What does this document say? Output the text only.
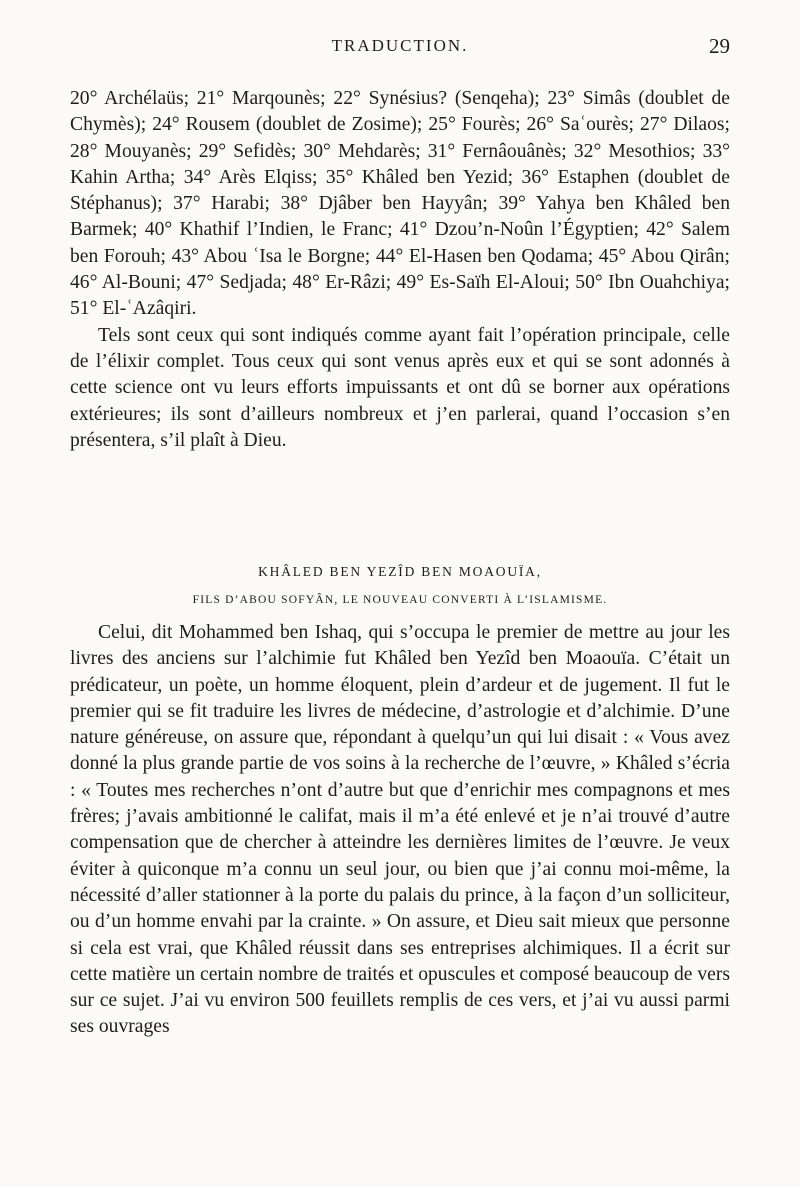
TRADUCTION.	29

20° Archélaüs; 21° Marqounès; 22° Synésius? (Senqeha); 23° Simâs (doublet de Chymès); 24° Rousem (doublet de Zosime); 25° Fourès; 26° Saʿourès; 27° Dilaos; 28° Mouyanès; 29° Sefidès; 30° Mehdarès; 31° Fernâouânès; 32° Mesothios; 33° Kahin Artha; 34° Arès Elqiss; 35° Khâled ben Yezid; 36° Estaphen (doublet de Stéphanus); 37° Harabi; 38° Djâber ben Hayyân; 39° Yahya ben Khâled ben Barmek; 40° Khathif l’Indien, le Franc; 41° Dzou’n-Noûn l’Égyptien; 42° Salem ben Forouh; 43° Abou ʿIsa le Borgne; 44° El-Hasen ben Qodama; 45° Abou Qirân; 46° Al-Bouni; 47° Sedjada; 48° Er-Râzi; 49° Es-Saïh El-Aloui; 50° Ibn Ouahchiya; 51° El-ʿAzâqiri.

Tels sont ceux qui sont indiqués comme ayant fait l’opération principale, celle de l’élixir complet. Tous ceux qui sont venus après eux et qui se sont adonnés à cette science ont vu leurs efforts impuissants et ont dû se borner aux opérations extérieures; ils sont d’ailleurs nombreux et j’en parlerai, quand l’occasion s’en présentera, s’il plaît à Dieu.

KHÂLED BEN YEZÎD BEN MOAOUÏA,
FILS D’ABOU SOFYÂN, LE NOUVEAU CONVERTI À L’ISLAMISME.

Celui, dit Mohammed ben Ishaq, qui s’occupa le premier de mettre au jour les livres des anciens sur l’alchimie fut Khâled ben Yezîd ben Moaouïa. C’était un prédicateur, un poète, un homme éloquent, plein d’ardeur et de jugement. Il fut le premier qui se fit traduire les livres de médecine, d’astrologie et d’alchimie. D’une nature généreuse, on assure que, répondant à quelqu’un qui lui disait : « Vous avez donné la plus grande partie de vos soins à la recherche de l’œuvre, » Khâled s’écria : « Toutes mes recherches n’ont d’autre but que d’enrichir mes compagnons et mes frères; j’avais ambitionné le califat, mais il m’a été enlevé et je n’ai trouvé d’autre compensation que de chercher à atteindre les dernières limites de l’œuvre. Je veux éviter à quiconque m’a connu un seul jour, ou bien que j’ai connu moi-même, la nécessité d’aller stationner à la porte du palais du prince, à la façon d’un solliciteur, ou d’un homme envahi par la crainte. » On assure, et Dieu sait mieux que personne si cela est vrai, que Khâled réussit dans ses entreprises alchimiques. Il a écrit sur cette matière un certain nombre de traités et opuscules et composé beaucoup de vers sur ce sujet. J’ai vu environ 500 feuillets remplis de ces vers, et j’ai vu aussi parmi ses ouvrages
